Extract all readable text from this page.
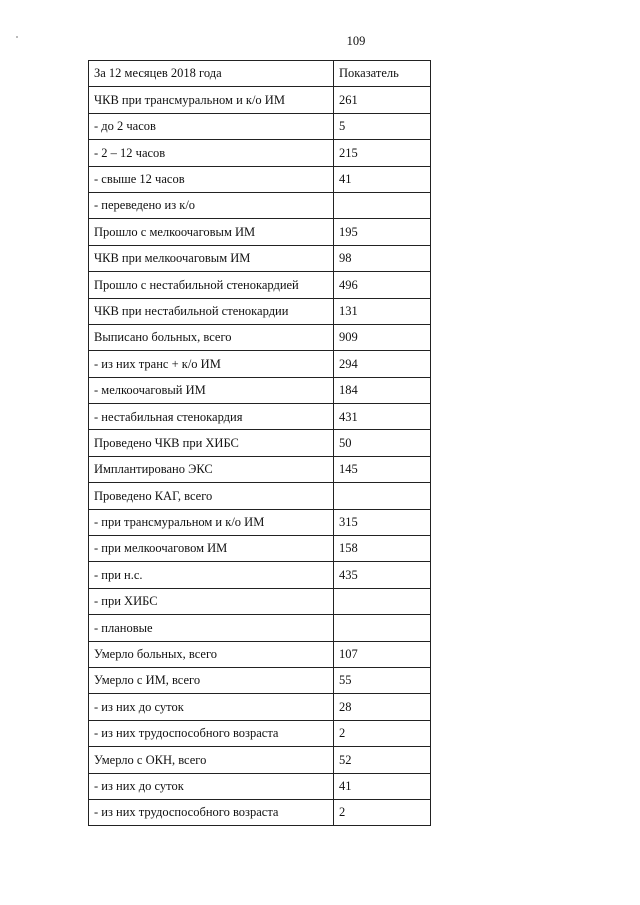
109
За 12 месяцев 2018 года	Показатель
ЧКВ при трансмуральном и к/о ИМ	261
- до 2 часов	5
- 2 – 12 часов	215
- свыше 12 часов	41
- переведено из к/о	
Прошло с мелкоочаговым ИМ	195
ЧКВ при мелкоочаговым ИМ	98
Прошло с нестабильной стенокардией	496
ЧКВ при нестабильной стенокардии	131
Выписано больных, всего	909
- из них транс + к/о ИМ	294
- мелкоочаговый ИМ	184
- нестабильная стенокардия	431
Проведено ЧКВ при ХИБС	50
Имплантировано ЭКС	145
Проведено КАГ, всего	
- при трансмуральном и к/о ИМ	315
- при мелкоочаговом ИМ	158
- при н.с.	435
- при ХИБС	
- плановые	
Умерло больных, всего	107
Умерло с ИМ, всего	55
- из них до суток	28
- из них трудоспособного возраста	2
Умерло с ОКН, всего	52
- из них до суток	41
- из них трудоспособного возраста	2
